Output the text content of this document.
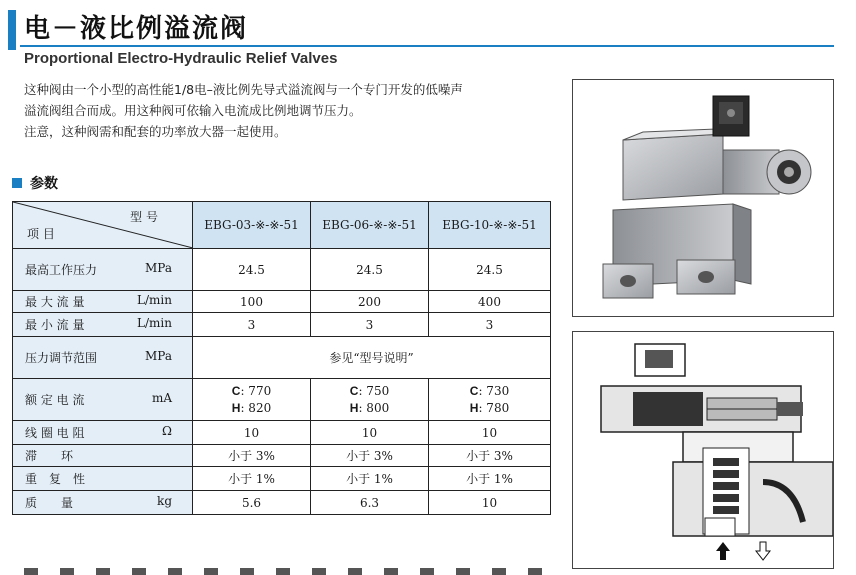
电－液比例溢流阀
Proportional Electro-Hydraulic Relief Valves

这种阀由一个小型的高性能1/8电–液比例先导式溢流阀与一个专门开发的低噪声

溢流阀组合而成。用这种阀可依输入电流成比例地调节压力。

注意，这种阀需和配套的功率放大器一起使用。

参数
型 号
项 目	EBG-03-※-※-51	EBG-06-※-※-51	EBG-10-※-※-51

最高工作压力 MPa	24.5	24.5	24.5

最 大 流 量 L/min	100	200	400

最 小 流 量 L/min	3	3	3

压力调节范围 MPa	参见“型号说明”		

额 定 电 流 mA	C: 770
H: 820	C: 750
H: 800	C: 730
H: 780

线 圈 电 阻 Ω	10	10	10

滞　　环	小于 3%	小于 3%	小于 3%

重　复　性	小于 1%	小于 1%	小于 1%

质　　量 kg	5.6	6.3	10
